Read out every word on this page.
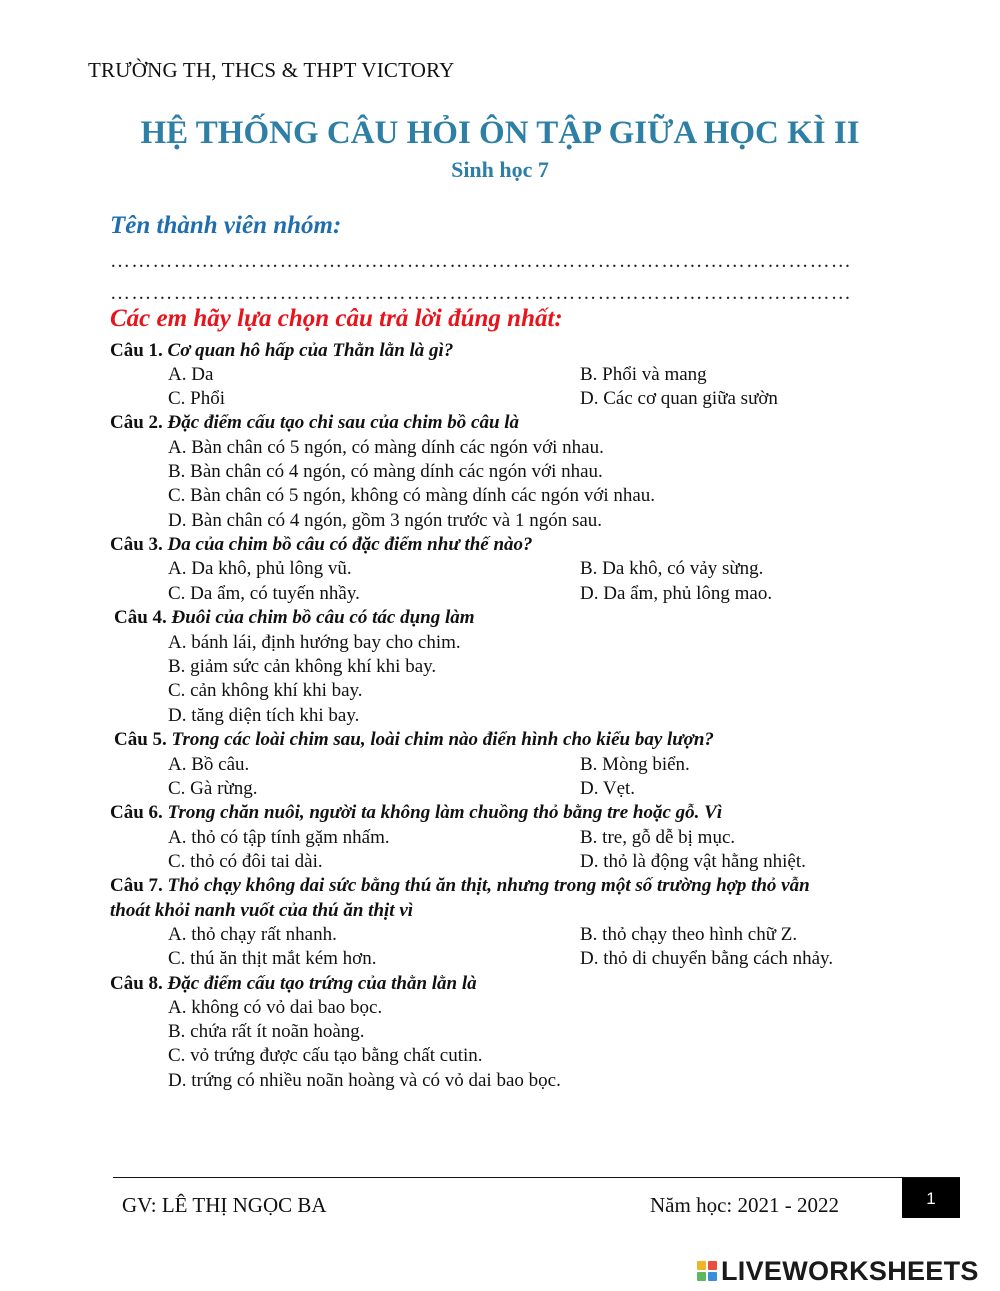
TRƯỜNG TH, THCS & THPT VICTORY
HỆ THỐNG CÂU HỎI ÔN TẬP GIỮA HỌC KÌ II
Sinh học 7
Tên thành viên nhóm:
……………………………………………………………………………………………
……………………………………………………………………………………………
Các em hãy lựa chọn câu trả lời đúng nhất:
Câu 1. Cơ quan hô hấp của Thằn lằn là gì?
A. Da	B. Phổi và mang
C. Phổi	D. Các cơ quan giữa sườn
Câu 2. Đặc điểm cấu tạo chi sau của chim bồ câu là
A. Bàn chân có 5 ngón, có màng dính các ngón với nhau.
B. Bàn chân có 4 ngón, có màng dính các ngón với nhau.
C. Bàn chân có 5 ngón, không có màng dính các ngón với nhau.
D. Bàn chân có 4 ngón, gồm 3 ngón trước và 1 ngón sau.
Câu 3. Da của chim bồ câu có đặc điểm như thế nào?
A. Da khô, phủ lông vũ.	B. Da khô, có vảy sừng.
C. Da ẩm, có tuyến nhầy.	D. Da ẩm, phủ lông mao.
Câu 4. Đuôi của chim bồ câu có tác dụng làm
A. bánh lái, định hướng bay cho chim.
B. giảm sức cản không khí khi bay.
C. cản không khí khi bay.
D. tăng diện tích khi bay.
Câu 5. Trong các loài chim sau, loài chim nào điển hình cho kiểu bay lượn?
A. Bồ câu.	B. Mòng biển.
C. Gà rừng.	D. Vẹt.
Câu 6. Trong chăn nuôi, người ta không làm chuồng thỏ bằng tre hoặc gỗ. Vì
A. thỏ có tập tính gặm nhấm.	B. tre, gỗ dễ bị mục.
C. thỏ có đôi tai dài.	D. thỏ là động vật hằng nhiệt.
Câu 7. Thỏ chạy không dai sức bằng thú ăn thịt, nhưng trong một số trường hợp thỏ vẫn
thoát khỏi nanh vuốt của thú ăn thịt vì
A. thỏ chạy rất nhanh.	B. thỏ chạy theo hình chữ Z.
C. thú ăn thịt mắt kém hơn.	D. thỏ di chuyển bằng cách nhảy.
Câu 8. Đặc điểm cấu tạo trứng của thằn lằn là
A. không có vỏ dai bao bọc.
B. chứa rất ít noãn hoàng.
C. vỏ trứng được cấu tạo bằng chất cutin.
D. trứng có nhiều noãn hoàng và có vỏ dai bao bọc.
GV: LÊ THỊ NGỌC BA	Năm học: 2021 - 2022	1
LIVEWORKSHEETS
